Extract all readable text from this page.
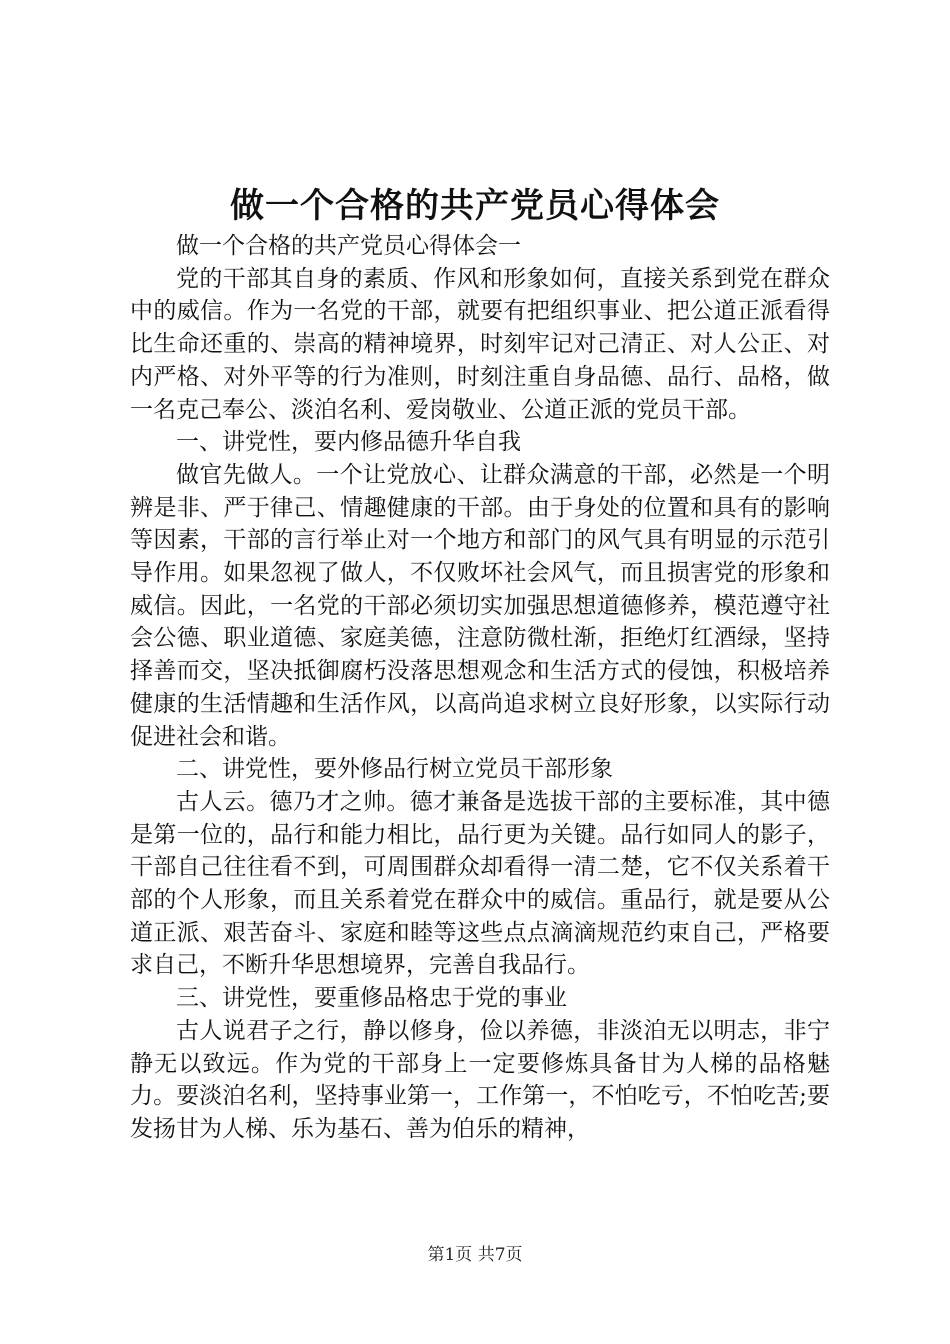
做一个合格的共产党员心得体会

做一个合格的共产党员心得体会一

党的干部其自身的素质、作风和形象如何，直接关系到党在群众中的威信。作为一名党的干部，就要有把组织事业、把公道正派看得比生命还重的、崇高的精神境界，时刻牢记对己清正、对人公正、对内严格、对外平等的行为准则，时刻注重自身品德、品行、品格，做一名克己奉公、淡泊名利、爱岗敬业、公道正派的党员干部。

一、讲党性，要内修品德升华自我

做官先做人。一个让党放心、让群众满意的干部，必然是一个明辨是非、严于律己、情趣健康的干部。由于身处的位置和具有的影响等因素，干部的言行举止对一个地方和部门的风气具有明显的示范引导作用。如果忽视了做人，不仅败坏社会风气，而且损害党的形象和威信。因此，一名党的干部必须切实加强思想道德修养，模范遵守社会公德、职业道德、家庭美德，注意防微杜渐，拒绝灯红酒绿，坚持择善而交，坚决抵御腐朽没落思想观念和生活方式的侵蚀，积极培养健康的生活情趣和生活作风，以高尚追求树立良好形象，以实际行动促进社会和谐。

二、讲党性，要外修品行树立党员干部形象

古人云。德乃才之帅。德才兼备是选拔干部的主要标准，其中德是第一位的，品行和能力相比，品行更为关键。品行如同人的影子，干部自己往往看不到，可周围群众却看得一清二楚，它不仅关系着干部的个人形象，而且关系着党在群众中的威信。重品行，就是要从公道正派、艰苦奋斗、家庭和睦等这些点点滴滴规范约束自己，严格要求自己，不断升华思想境界，完善自我品行。

三、讲党性，要重修品格忠于党的事业

古人说君子之行，静以修身，俭以养德，非淡泊无以明志，非宁静无以致远。作为党的干部身上一定要修炼具备甘为人梯的品格魅力。要淡泊名利，坚持事业第一，工作第一，不怕吃亏，不怕吃苦;要发扬甘为人梯、乐为基石、善为伯乐的精神，

第1页 共7页
